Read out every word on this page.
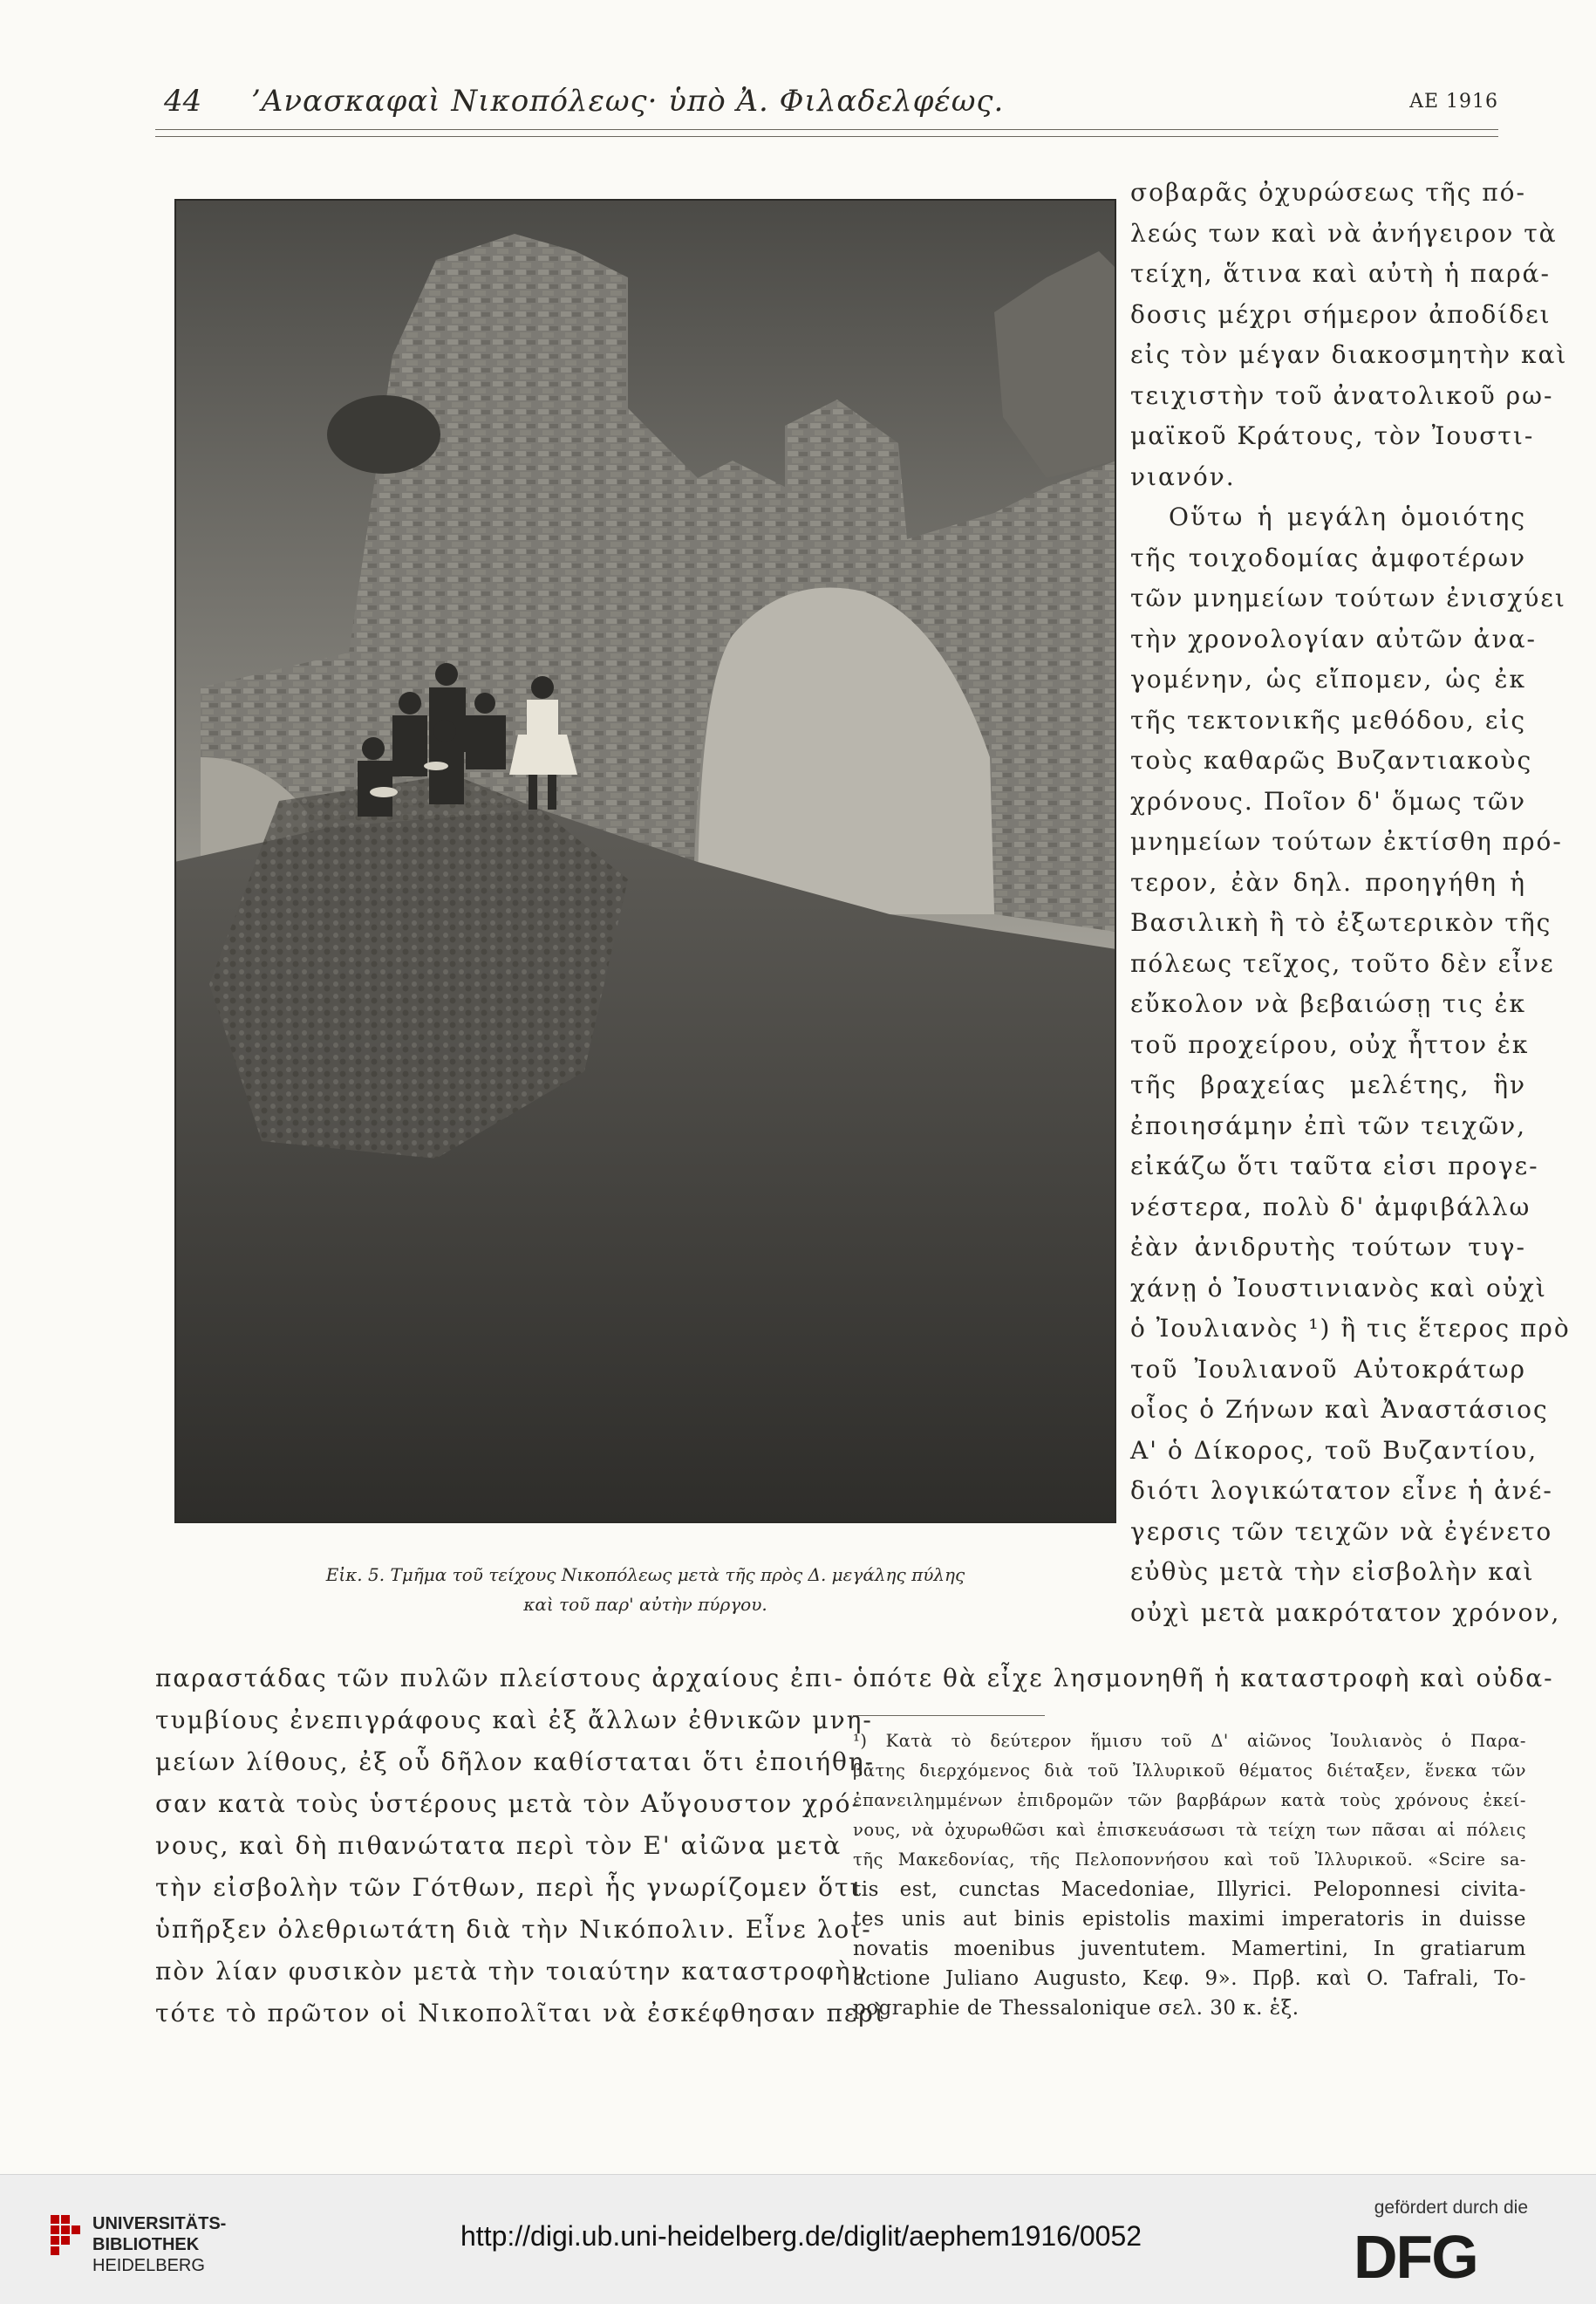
44 ’Ανασκαφαὶ Νικοπόλεως· ὑπὸ Ἀ. Φιλαδελφέως.	ΑΕ 1916
Εἰκ. 5. Τμῆμα τοῦ τείχους Νικοπόλεως μετὰ τῆς πρὸς Δ. μεγάλης πύλης
καὶ τοῦ παρ' αὐτὴν πύργου.

σοβαρᾶς ὀχυρώσεως τῆς πό-
λεώς των καὶ νὰ ἀνήγειρον τὰ
τείχη, ἅτινα καὶ αὐτὴ ἡ παρά-
δοσις μέχρι σήμερον ἀποδίδει
εἰς τὸν μέγαν διακοσμητὴν καὶ
τειχιστὴν τοῦ ἀνατολικοῦ ρω-
μαϊκοῦ Κράτους, τὸν Ἰουστι-
νιανόν.

Οὕτω ἡ μεγάλη ὁμοιότης
τῆς τοιχοδομίας ἀμφοτέρων
τῶν μνημείων τούτων ἐνισχύει
τὴν χρονολογίαν αὐτῶν ἀνα-
γομένην, ὡς εἴπομεν, ὡς ἐκ
τῆς τεκτονικῆς μεθόδου, εἰς
τοὺς καθαρῶς Βυζαντιακοὺς
χρόνους. Ποῖον δ' ὅμως τῶν
μνημείων τούτων ἐκτίσθη πρό-
τερον, ἐὰν δηλ. προηγήθη ἡ
Βασιλικὴ ἢ τὸ ἐξωτερικὸν τῆς
πόλεως τεῖχος, τοῦτο δὲν εἶνε
εὔκολον νὰ βεβαιώσῃ τις ἐκ
τοῦ προχείρου, οὐχ ἧττον ἐκ
τῆς βραχείας μελέτης, ἣν
ἐποιησάμην ἐπὶ τῶν τειχῶν,
εἰκάζω ὅτι ταῦτα εἰσι προγε-
νέστερα, πολὺ δ' ἀμφιβάλλω
ἐὰν ἀνιδρυτὴς τούτων τυγ-
χάνῃ ὁ Ἰουστινιανὸς καὶ οὐχὶ
ὁ Ἰουλιανὸς ¹) ἢ τις ἕτερος πρὸ
τοῦ Ἰουλιανοῦ Αὐτοκράτωρ
οἷος ὁ Ζήνων καὶ Ἀναστάσιος
Α' ὁ Δίκορος, τοῦ Βυζαντίου,
διότι λογικώτατον εἶνε ἡ ἀνέ-
γερσις τῶν τειχῶν νὰ ἐγένετο
εὐθὺς μετὰ τὴν εἰσβολὴν καὶ
οὐχὶ μετὰ μακρότατον χρόνον,

παραστάδας τῶν πυλῶν πλείστους ἀρχαίους ἐπι-
τυμβίους ἐνεπιγράφους καὶ ἐξ ἄλλων ἐθνικῶν μνη-
μείων λίθους, ἐξ οὗ δῆλον καθίσταται ὅτι ἐποιήθη-
σαν κατὰ τοὺς ὑστέρους μετὰ τὸν Αὔγουστον χρό-
νους, καὶ δὴ πιθανώτατα περὶ τὸν Ε' αἰῶνα μετὰ
τὴν εἰσβολὴν τῶν Γότθων, περὶ ἧς γνωρίζομεν ὅτι
ὑπῆρξεν ὀλεθριωτάτη διὰ τὴν Νικόπολιν. Εἶνε λοι-
πὸν λίαν φυσικὸν μετὰ τὴν τοιαύτην καταστροφὴν
τότε τὸ πρῶτον οἱ Νικοπολῖται νὰ ἐσκέφθησαν περὶ
ὁπότε θὰ εἶχε λησμονηθῆ ἡ καταστροφὴ καὶ οὐδα-
¹) Κατὰ τὸ δεύτερον ἥμισυ τοῦ Δ' αἰῶνος Ἰουλιανὸς ὁ Παρα-
βάτης διερχόμενος διὰ τοῦ Ἰλλυρικοῦ θέματος διέταξεν, ἕνεκα τῶν
ἐπανειλημμένων ἐπιδρομῶν τῶν βαρβάρων κατὰ τοὺς χρόνους ἐκεί-
νους, νὰ ὀχυρωθῶσι καὶ ἐπισκευάσωσι τὰ τείχη των πᾶσαι αἱ πόλεις
τῆς Μακεδονίας, τῆς Πελοποννήσου καὶ τοῦ Ἰλλυρικοῦ. «Scire sa-
tis est, cunctas Macedoniae, Illyrici. Peloponnesi civita-
tes unis aut binis epistolis maximi imperatoris in duisse
novatis moenibus juventutem. Mamertini, In gratiarum
actione Juliano Augusto, Κεφ. 9». Πρβ. καὶ O. Tafrali, To-
pographie de Thessalonique σελ. 30 κ. ἑξ.
UNIVERSITÄTS-
BIBLIOTHEK
HEIDELBERG
http://digi.ub.uni-heidelberg.de/diglit/aephem1916/0052
gefördert durch die
DFG
